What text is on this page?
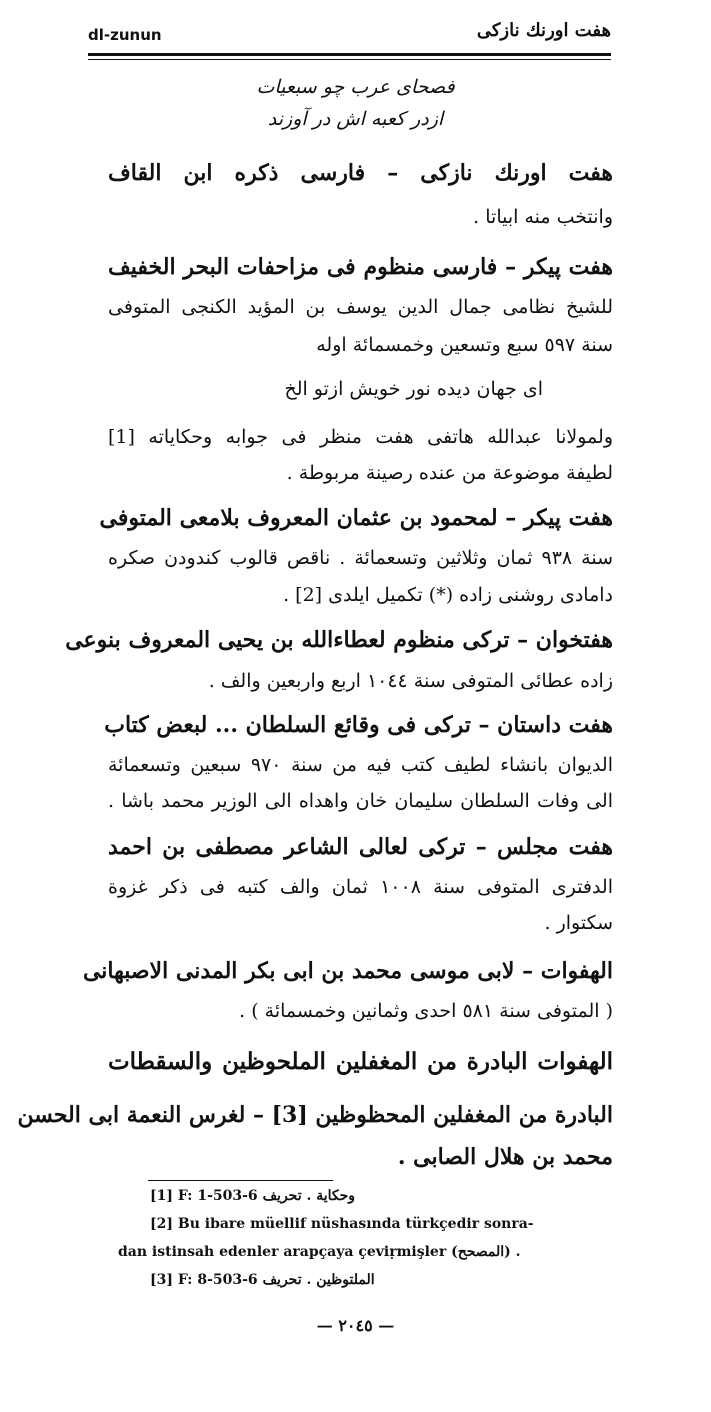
dl-zunun	هفت اورنك نازكى
فصحاى عرب چو سبعيات
ازدر كعبه اش در آوزند
هفت اورنك نازكى – فارسى ذكره ابن القاف
وانتخب منه ابياتا .
هفت پيكر – فارسى منظوم فى مزاحفات البحر الخفيف
للشيخ نظامى جمال الدين يوسف بن المؤيد الكنجى المتوفى
سنة ٥٩٧ سبع وتسعين وخمسمائة اوله
اى جهان ديده نور خويش ازتو الخ
ولمولانا عبدالله هاتفى هفت منظر فى جوابه وحكاياته [1]
لطيفة موضوعة من عنده رصينة مربوطة .
هفت پيكر – لمحمود بن عثمان المعروف بلامعى المتوفى
سنة ٩٣٨ ثمان وثلاثين وتسعمائة . ناقص قالوب كندودن صكره
دامادى روشنى زاده (*) تكميل ايلدى [2] .
هفتخوان – تركى منظوم لعطاءالله بن يحيى المعروف بنوعى
زاده عطائى المتوفى سنة ١٠٤٤ اربع واربعين والف .
هفت داستان – تركى فى وقائع السلطان ... لبعض كتاب
الديوان بانشاء لطيف كتب فيه من سنة ٩٧٠ سبعين وتسعمائة
الى وفات السلطان سليمان خان واهداه الى الوزير محمد باشا .
هفت مجلس – تركى لعالى الشاعر مصطفى بن احمد
الدفترى المتوفى سنة ١٠٠٨ ثمان والف كتبه فى ذكر غزوة
سكتوار .
الهفوات – لابى موسى محمد بن ابى بكر المدنى الاصبهانى
( المتوفى سنة ٥٨١ احدى وثمانين وخمسمائة ) .
الهفوات البادرة من المغفلين الملحوظين والسقطات
البادرة من المغفلين المحظوظين [3] – لغرس النعمة ابى الحسن
محمد بن هلال الصابى .
[1] F: 1-503-6 وحكاية . تحريف
[2] Bu ibare müellif nüshasında türkçedir sonra-
dan istinsah edenler arapçaya çeviṛmişler (المصحح) .
[3] F: 8-503-6 الملتوظين . تحريف
— ٢٠٤٥ —
